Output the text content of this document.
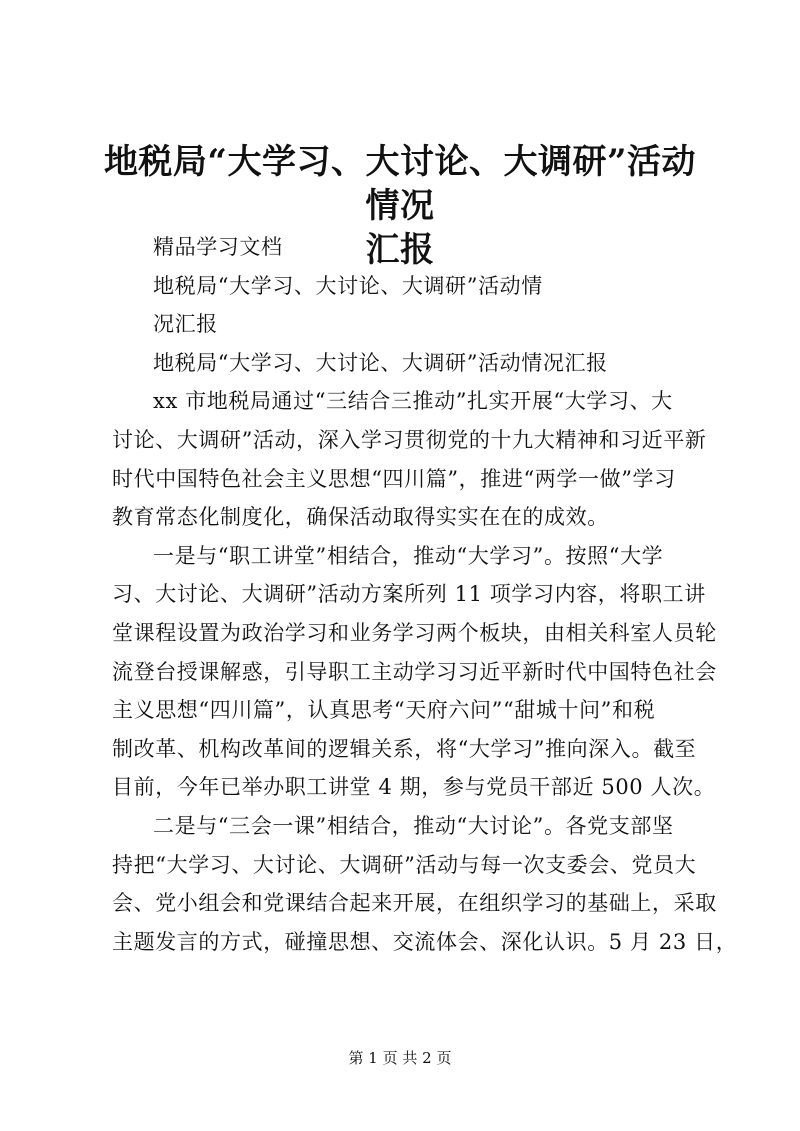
地税局“大学习、大讨论、大调研”活动情况
汇报
精品学习文档
地税局“大学习、大讨论、大调研”活动情
况汇报
地税局“大学习、大讨论、大调研”活动情况汇报
xx 市地税局通过“三结合三推动”扎实开展“大学习、大
讨论、大调研”活动，深入学习贯彻党的十九大精神和习近平新
时代中国特色社会主义思想“四川篇”，推进“两学一做”学习
教育常态化制度化，确保活动取得实实在在的成效。
一是与“职工讲堂”相结合，推动“大学习”。按照“大学
习、大讨论、大调研”活动方案所列 11 项学习内容，将职工讲
堂课程设置为政治学习和业务学习两个板块，由相关科室人员轮
流登台授课解惑，引导职工主动学习习近平新时代中国特色社会
主义思想“四川篇”，认真思考“天府六问”“甜城十问”和税
制改革、机构改革间的逻辑关系，将“大学习”推向深入。截至
目前，今年已举办职工讲堂 4 期，参与党员干部近 500 人次。
二是与“三会一课”相结合，推动“大讨论”。各党支部坚
持把“大学习、大讨论、大调研”活动与每一次支委会、党员大
会、党小组会和党课结合起来开展，在组织学习的基础上，采取
主题发言的方式，碰撞思想、交流体会、深化认识。5 月 23 日，
第 1 页 共 2 页
